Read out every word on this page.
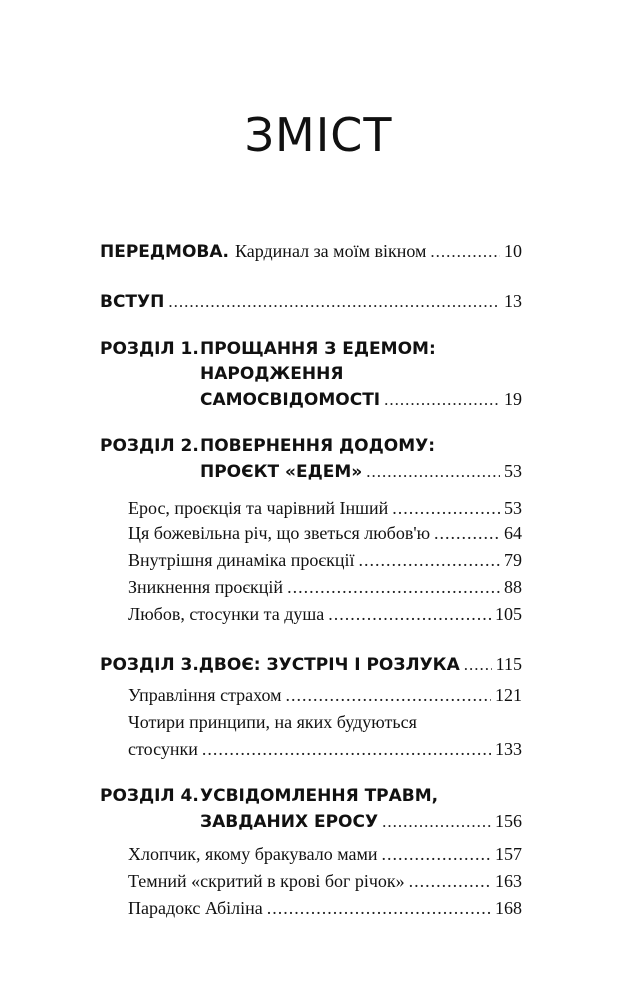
ЗМІСТ
ПЕРЕДМОВА. Кардинал за моїм вікном .....	10
ВСТУП .....	13
РОЗДІЛ 1. ПРОЩАННЯ З ЕДЕМОМ:
НАРОДЖЕННЯ
САМОСВІДОМОСТІ .....	19
РОЗДІЛ 2. ПОВЕРНЕННЯ ДОДОМУ:
ПРОЄКТ «ЕДЕМ» .....	53
Ерос, проєкція та чарівний Інший .....	53
Ця божевільна річ, що зветься любов'ю .....	64
Внутрішня динаміка проєкції .....	79
Зникнення проєкцій .....	88
Любов, стосунки та душа .....	105
РОЗДІЛ 3. ДВОЄ: ЗУСТРІЧ І РОЗЛУКА ..... 115
Управління страхом .....	121
Чотири принципи, на яких будуються
стосунки .....	133
РОЗДІЛ 4. УСВІДОМЛЕННЯ ТРАВМ,
ЗАВДАНИХ ЕРОСУ .....	156
Хлопчик, якому бракувало мами .....	157
Темний «скритий в крові бог річок» .....	163
Парадокс Абіліна .....	168
